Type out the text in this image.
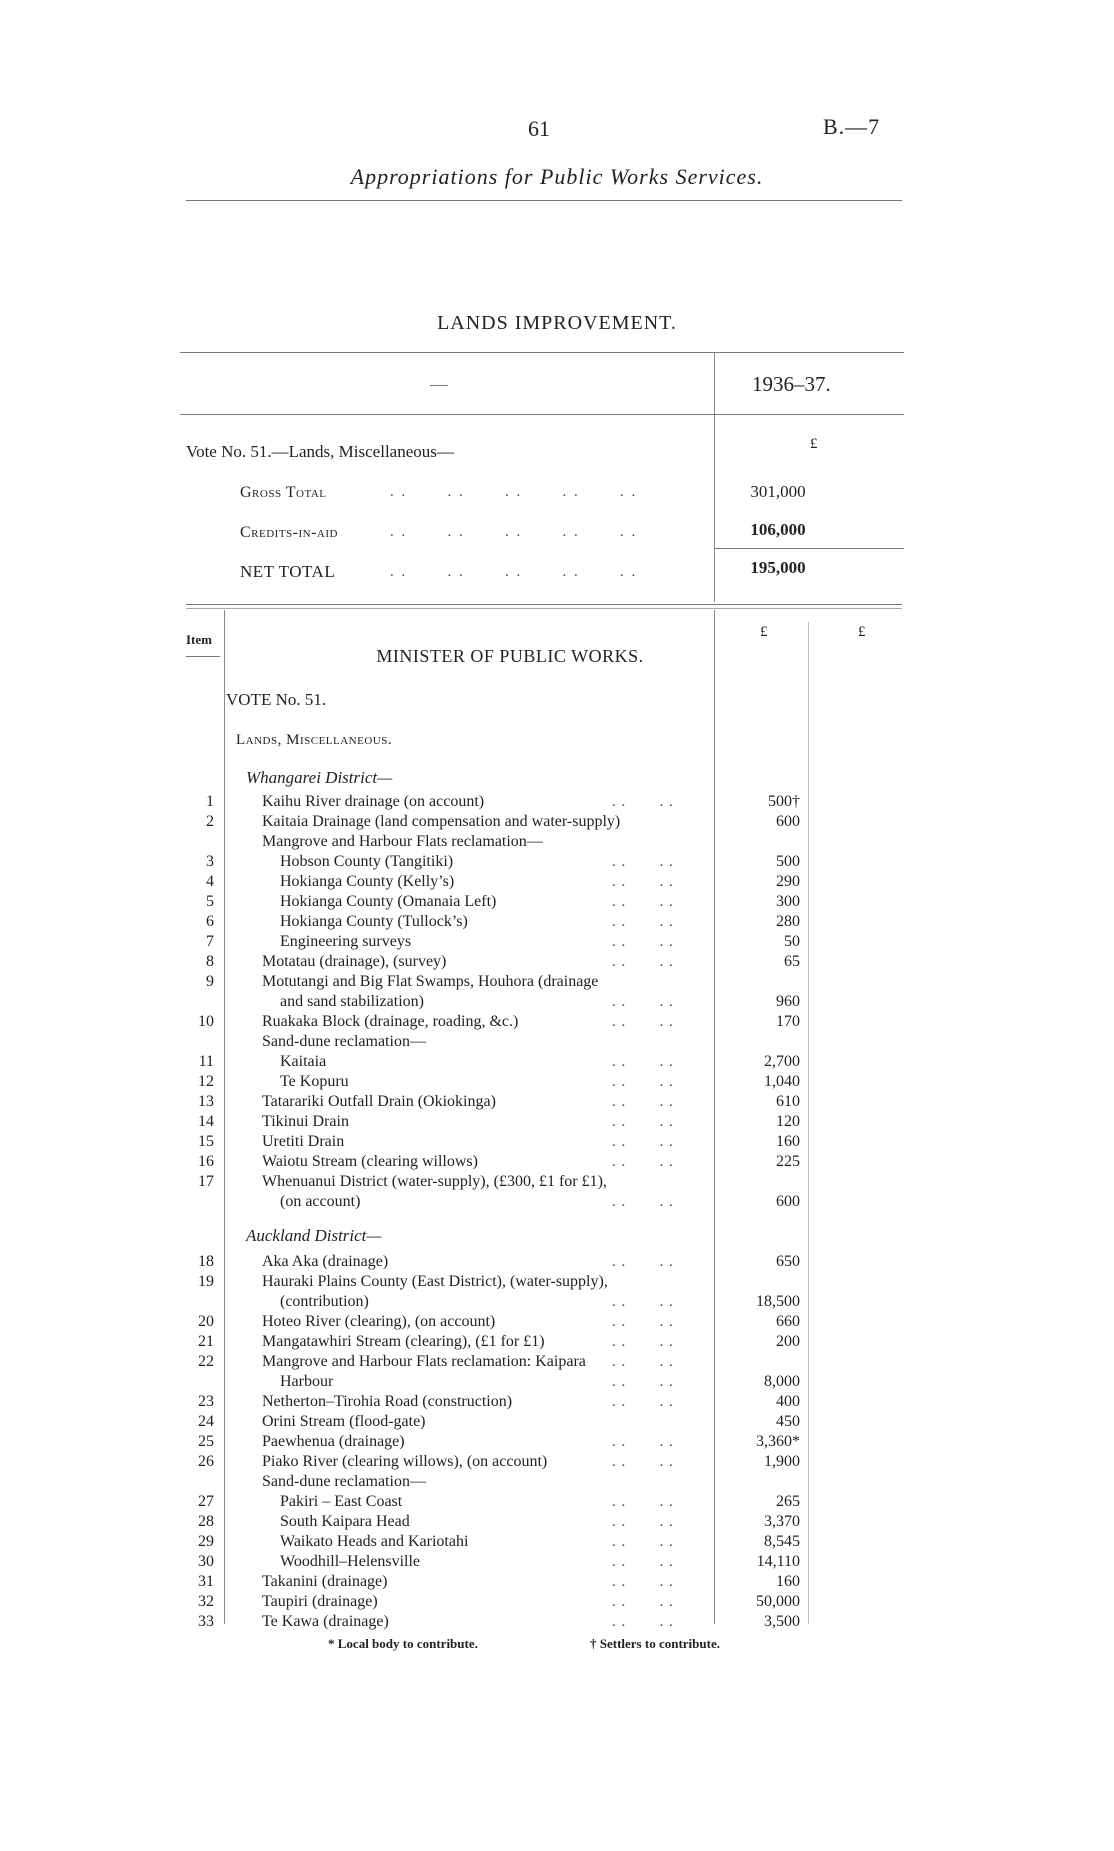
61	B.—7
Appropriations for Public Works Services.
LANDS IMPROVEMENT.
—	1936–37.
Vote No. 51.—Lands, Miscellaneous—	£
Gross Total	. .       . .       . .       . .       . .	301,000
Credits-in-aid	. .       . .       . .       . .       . .	106,000
NET TOTAL	. .       . .       . .       . .       . .	195,000
Item	£	£
MINISTER OF PUBLIC WORKS.
VOTE No. 51.
Lands, Miscellaneous.
Whangarei District—
Auckland District—
1	Kaihu River drainage (on account)	. .       . .	500†
2	Kaitaia Drainage (land compensation and water-supply)	600
Mangrove and Harbour Flats reclamation—
3	Hobson County (Tangitiki)	. .       . .	500
4	Hokianga County (Kelly’s)	. .       . .	290
5	Hokianga County (Omanaia Left)	. .       . .	300
6	Hokianga County (Tullock’s)	. .       . .	280
7	Engineering surveys	. .       . .	50
8	Motatau (drainage), (survey)	. .       . .	65
9	Motutangi and Big Flat Swamps, Houhora (drainage
and sand stabilization)	. .       . .	960
10	Ruakaka Block (drainage, roading, &c.)	. .       . .	170
Sand-dune reclamation—
11	Kaitaia	. .       . .	2,700
12	Te Kopuru	. .       . .	1,040
13	Tatarariki Outfall Drain (Okiokinga)	. .       . .	610
14	Tikinui Drain	. .       . .	120
15	Uretiti Drain	. .       . .	160
16	Waiotu Stream (clearing willows)	. .       . .	225
17	Whenuanui District (water-supply), (£300, £1 for £1),
(on account)	. .       . .	600
18	Aka Aka (drainage)	. .       . .	650
19	Hauraki Plains County (East District), (water-supply),
(contribution)	. .       . .	18,500
20	Hoteo River (clearing), (on account)	. .       . .	660
21	Mangatawhiri Stream (clearing), (£1 for £1)	. .       . .	200
22	Mangrove and Harbour Flats reclamation: Kaipara . .       . .
Harbour	. .       . .	8,000
23	Netherton–Tirohia Road (construction)	. .       . .	400
24	Orini Stream (flood-gate)	450
25	Paewhenua (drainage)	. .       . .	3,360*
26	Piako River (clearing willows), (on account)	. .       . .	1,900
Sand-dune reclamation—
27	Pakiri – East Coast	. .       . .	265
28	South Kaipara Head	. .       . .	3,370
29	Waikato Heads and Kariotahi	. .       . .	8,545
30	Woodhill–Helensville	. .       . .	14,110
31	Takanini (drainage)	. .       . .	160
32	Taupiri (drainage)	. .       . .	50,000
33	Te Kawa (drainage)	. .       . .	3,500
* Local body to contribute.	† Settlers to contribute.
